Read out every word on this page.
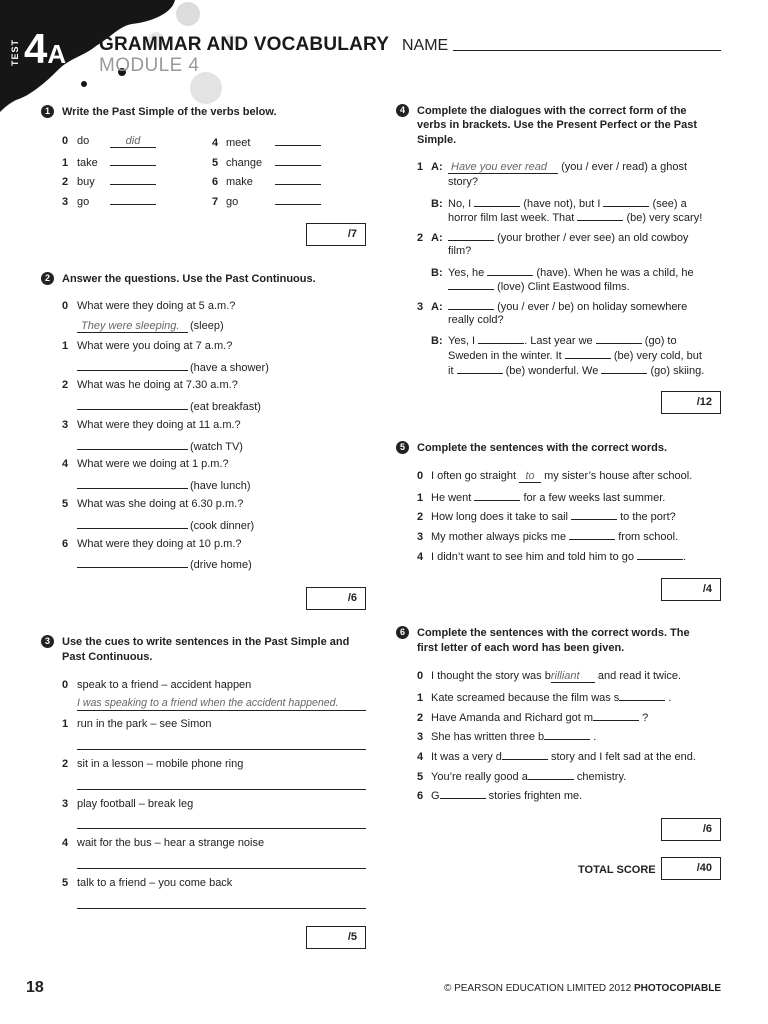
TEST 4A GRAMMAR AND VOCABULARY
MODULE 4
NAME
1	Write the Past Simple of the verbs below.
0 do	did
1 take
2 buy
3 go
4 meet
5 change
6 make
7 go
/7
2	Answer the questions. Use the Past Continuous.
0 What were they doing at 5 a.m.?
They were sleeping. (sleep)
1 What were you doing at 7 a.m.?
(have a shower)
2 What was he doing at 7.30 a.m.?
(eat breakfast)
3 What were they doing at 11 a.m.?
(watch TV)
4 What were we doing at 1 p.m.?
(have lunch)
5 What was she doing at 6.30 p.m.?
(cook dinner)
6 What were they doing at 10 p.m.?
(drive home)
/6
3	Use the cues to write sentences in the Past Simple and
Past Continuous.
0 speak to a friend – accident happen
I was speaking to a friend when the accident happened.
1 run in the park – see Simon
2 sit in a lesson – mobile phone ring
3 play football – break leg
4 wait for the bus – hear a strange noise
5 talk to a friend – you come back
/5
4	Complete the dialogues with the correct form of the
verbs in brackets. Use the Present Perfect or the Past
Simple.
1 A: Have you ever read (you / ever / read) a ghost
story?
B: No, I	(have not), but I	(see) a
horror film last week. That	(be) very scary!
2 A:	(your brother / ever see) an old cowboy
film?
B: Yes, he	(have). When he was a child, he
(love) Clint Eastwood films.
3 A:	(you / ever / be) on holiday somewhere
really cold?
B: Yes, I	. Last year we	(go) to
Sweden in the winter. It	(be) very cold, but
it	(be) wonderful. We	(go) skiing.
/12
5	Complete the sentences with the correct words.
0 I often go straight to my sister’s house after school.
1 He went	for a few weeks last summer.
2 How long does it take to sail	to the port?
3 My mother always picks me	from school.
4 I didn’t want to see him and told him to go	.
/4
6	Complete the sentences with the correct words. The
first letter of each word has been given.
0 I thought the story was brilliant and read it twice.
1 Kate screamed because the film was s	.
2 Have Amanda and Richard got m	?
3 She has written three b	.
4 It was a very d	story and I felt sad at the end.
5 You’re really good a	chemistry.
6 G	stories frighten me.
/6
TOTAL SCORE	/40
18	© PEARSON EDUCATION LIMITED 2012 PHOTOCOPIABLE
